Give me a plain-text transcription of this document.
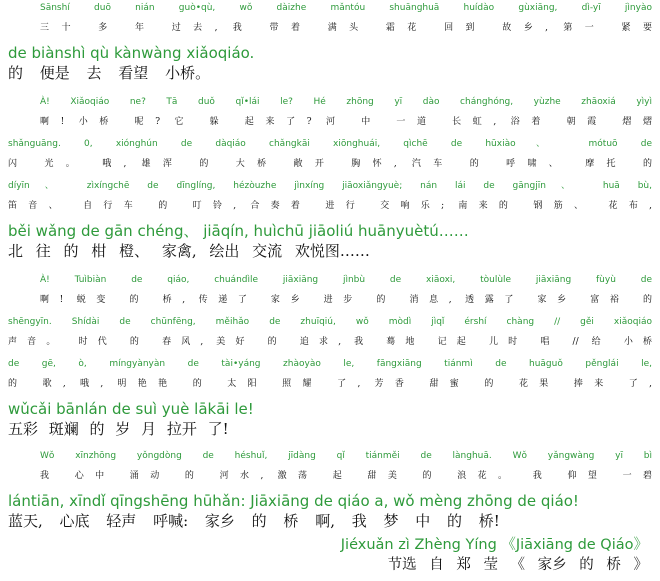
Sānshí duō nián guò•qù, wǒ dàizhe mǎntóu shuānghuā huídào gùxiāng, dì-yī jìnyào
三十 多 年 过去, 我 带着 满头 霜花 回到 故乡, 第一 紧要
de biànshì qù kànwàng xiǎoqiáo.
的 便是 去 看望 小桥。
À! Xiǎoqiáo ne? Tā duǒ qǐ•lái le? Hé zhōng yī dào chánghóng, yùzhe zhāoxiá yìyì
啊! 小桥 呢? 它 躲 起来了? 河 中 一道 长虹, 浴着 朝霞 熠熠
shǎnguāng. 0, xiónghún de dàqiáo chǎngkāi xiōnghuái, qìchē de hūxiào、 mótuō de
闪 光。 哦, 雄浑 的 大桥 敞开 胸怀, 汽车 的 呼啸、 摩托 的
díyīn、 zìxíngchē de dīnglíng, hézòuzhe jìnxíng jiāoxiǎngyuè; nán lái de gāngjīn、 huā bù,
笛音、 自行车 的 叮铃, 合奏着 进行 交响乐; 南来的 钢筋、 花布,
běi wǎng de gān chéng、 jiāqín, huìchū jiāoliú huānyuètú……
北 往 的 柑 橙、 家禽, 绘出 交流 欢悦图……
À! Tuìbiàn de qiáo, chuándìle jiāxiāng jìnbù de xiāoxi, tòulùle jiāxiāng fùyù de
啊! 蜕变 的 桥, 传递了 家乡 进步 的 消息, 透露了 家乡 富裕 的
shēngyīn. Shídài de chūnfēng, měihǎo de zhuīqiú, wǒ mòdì jìqǐ érshí chàng // gěi xiǎoqiáo
声音。 时代 的 春风, 美好 的 追求, 我 蓦地 记起 儿时 唱 // 给 小桥
de gē, ò, míngyànyàn de tài•yáng zhàoyào le, fāngxiāng tiánmì de huāguǒ pěnglái le,
的 歌, 哦, 明艳艳 的 太阳 照耀 了, 芳香 甜蜜 的 花果 捧来 了,
wǔcǎi bānlán de suì yuè lākāi le!
五彩 斑斓 的 岁 月 拉开 了!
Wǒ xīnzhōng yǒngdòng de héshuǐ, jīdàng qǐ tiánměi de lànghuā. Wǒ yǎngwàng yī bì
我 心中 涌动 的 河水, 激荡 起 甜美 的 浪花。 我 仰望 一碧
lántiān, xīndǐ qīngshēng hūhǎn: Jiāxiāng de qiáo a, wǒ mèng zhōng de qiáo!
蓝天, 心底 轻声 呼喊: 家乡 的 桥 啊, 我 梦 中 的 桥!
Jiéxuǎn zì Zhèng Yíng 《Jiāxiāng de Qiáo》
节选 自 郑 莹 《 家乡 的 桥 》
